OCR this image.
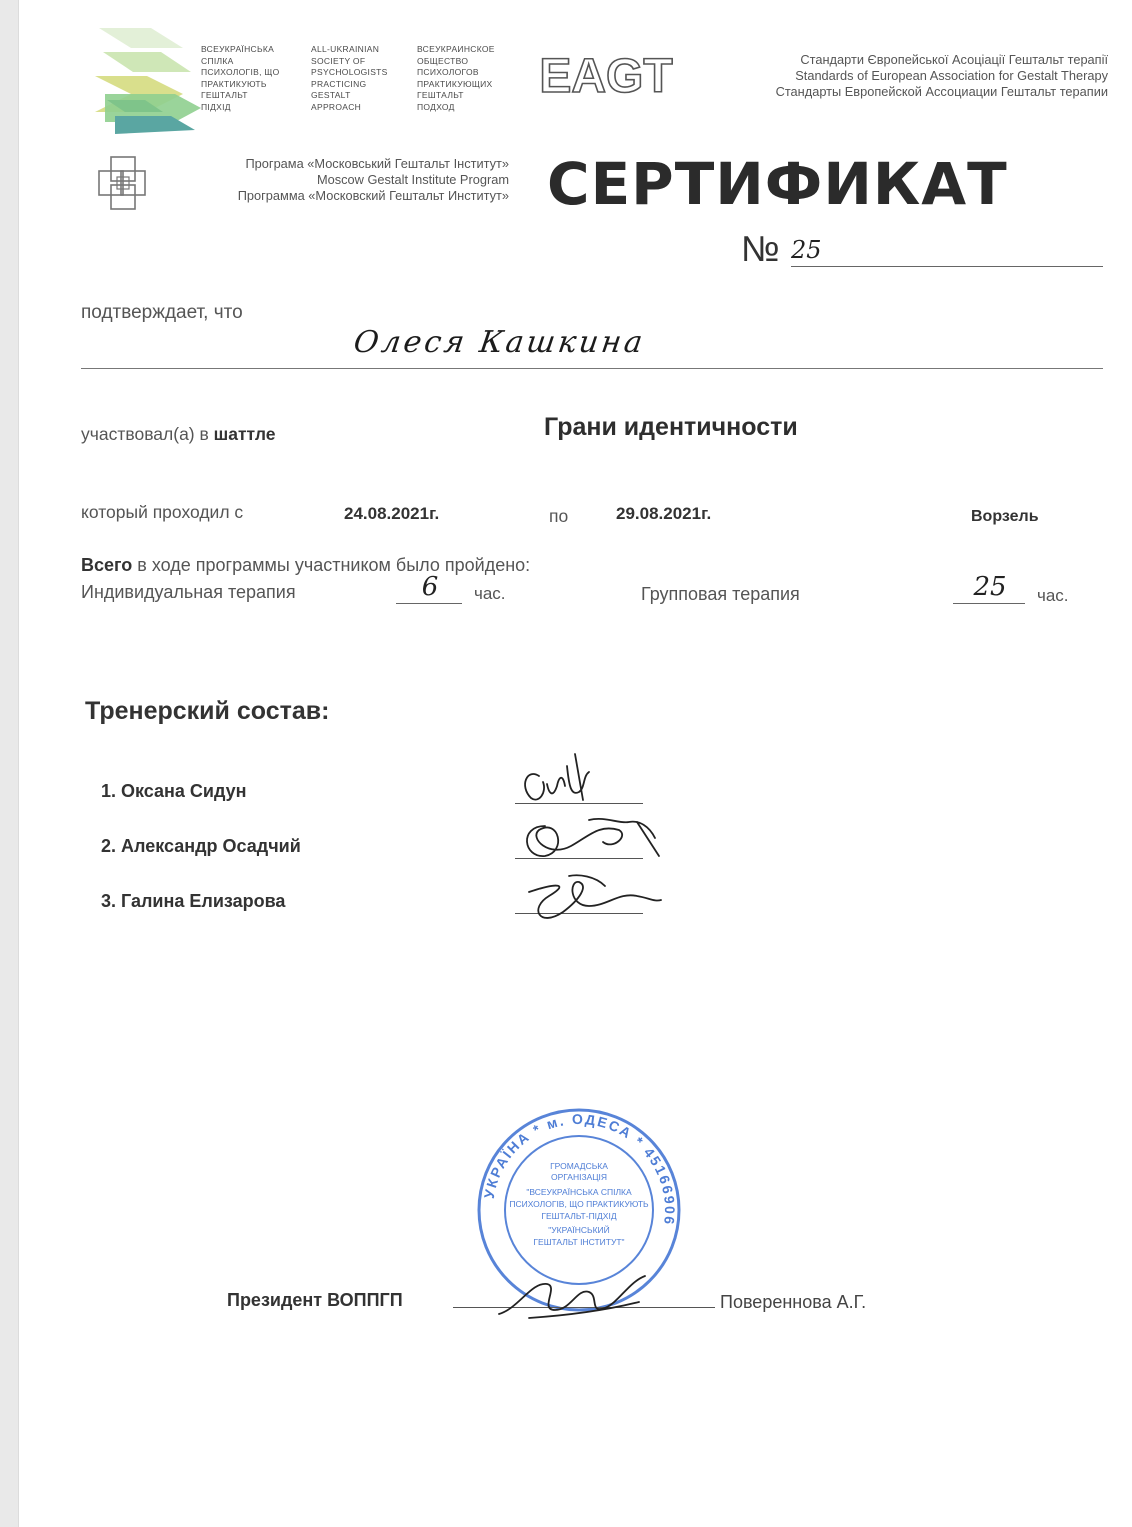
ВСЕУКРАЇНСЬКА
СПІЛКА
ПСИХОЛОГІВ, ЩО
ПРАКТИКУЮТЬ
ГЕШТАЛЬТ
ПІДХІД
ALL-UKRAINIAN
SOCIETY OF
PSYCHOLOGISTS
PRACTICING
GESTALT
APPROACH
ВСЕУКРАИНСКОЕ
ОБЩЕСТВО
ПСИХОЛОГОВ
ПРАКТИКУЮЩИХ
ГЕШТАЛЬТ
ПОДХОД
EAGT	Стандарти Європейської Асоціації Гештальт терапії
Standards of European Association for Gestalt Therapy
Стандарты Европейской Ассоциации Гештальт терапии
Програма «Московський Гештальт Інститут»
Moscow Gestalt Institute Program
Программа «Московский Гештальт Институт» СЕРТИФИКАТ
№ 25
подтверждает, что
Олеся Кашкина
участвовал(а) в шаттле	Грани идентичности
который проходил с	24.08.2021г.	по	29.08.2021г.	Ворзель
Всего в ходе программы участником было пройдено:
Индивидуальная терапия	6	час.	Групповая терапия	25	час.
Тренерский состав:
1. Оксана Сидун
2. Александр Осадчий
3. Галина Елизарова
УКРАЇНА * м. ОДЕСА * 45166906
ГРОМАДСЬКА
ОРГАНІЗАЦІЯ
"ВСЕУКРАЇНСЬКА СПІЛКА
ПСИХОЛОГІВ, ЩО ПРАКТИКУЮТЬ
ГЕШТАЛЬТ-ПІДХІД
"УКРАЇНСЬКИЙ
ГЕШТАЛЬТ ІНСТИТУТ"
Президент ВОППГП	Повереннова А.Г.
